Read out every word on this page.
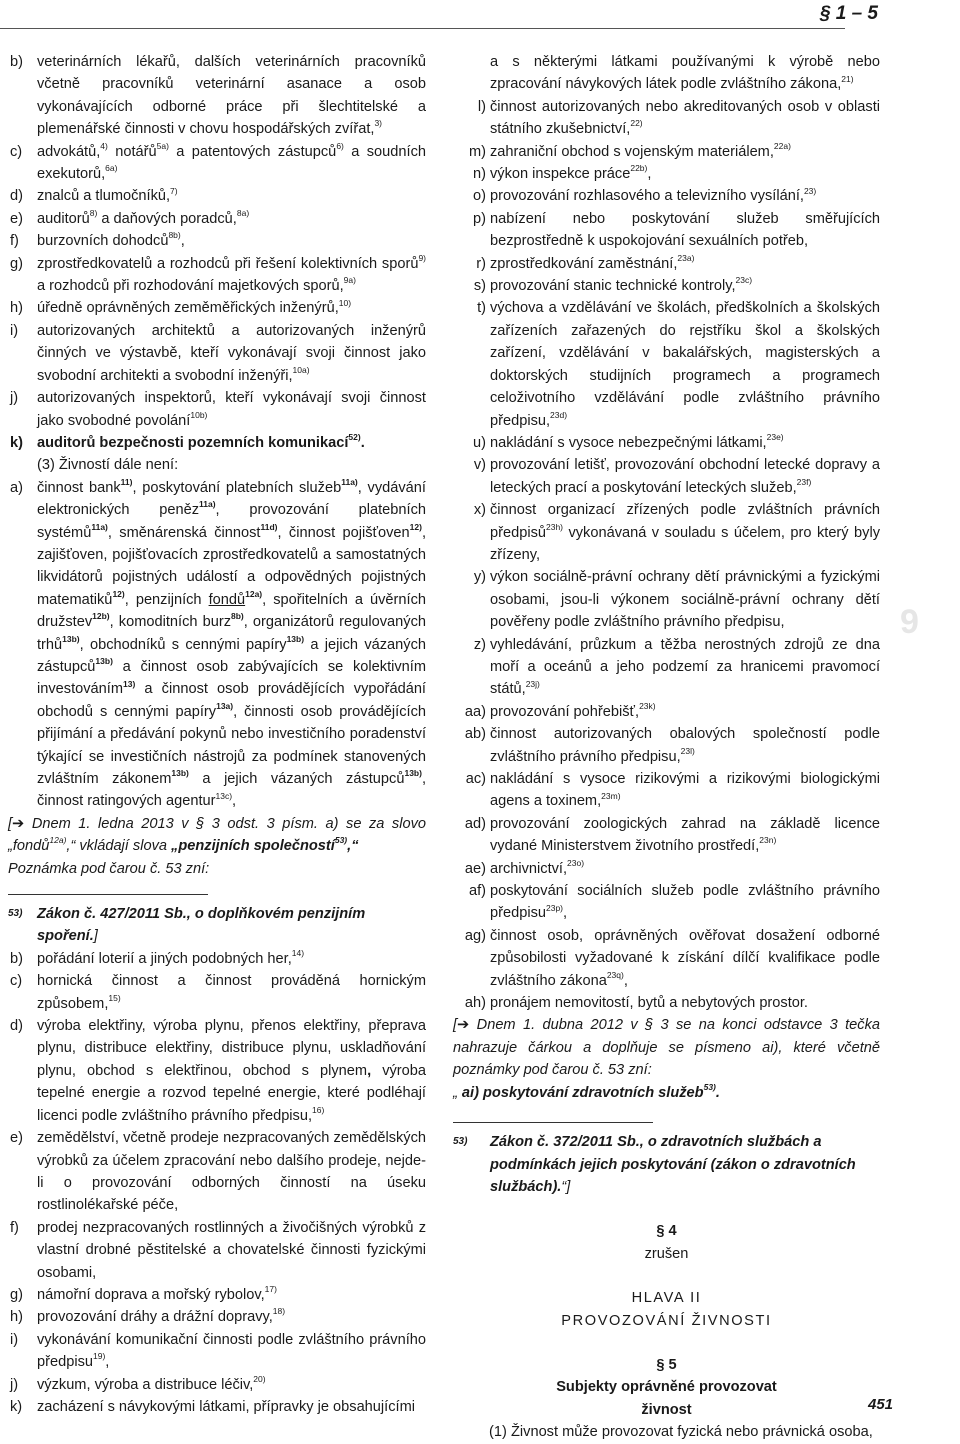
§ 1 – 5
b) veterinárních lékařů, dalších veterinárních pracovníků včetně pracovníků veterinární asanace a osob vykonávajících odborné práce při šlechtitelské a plemenářské činnosti v chovu hospodářských zvířat,$^{3)}$
c) advokátů,$^{4)}$ notářů$^{5a)}$ a patentových zástupců$^{6)}$ a soudních exekutorů,$^{6a)}$
d) znalců a tlumočníků,$^{7)}$
e) auditorů$^{8)}$ a daňových poradců,$^{8a)}$
f) burzovních dohodců$^{8b)}$,
g) zprostředkovatelů a rozhodců při řešení kolektivních sporů$^{9)}$ a rozhodců při rozhodování majetkových sporů,$^{9a)}$
h) úředně oprávněných zeměměřických inženýrů,$^{10)}$
i) autorizovaných architektů a autorizovaných inženýrů činných ve výstavbě, kteří vykonávají svoji činnost jako svobodní architekti a svobodní inženýři,$^{10a)}$
j) autorizovaných inspektorů, kteří vykonávají svoji činnost jako svobodné povolání$^{10b)}$
k) auditorů bezpečnosti pozemních komunikací$^{52)}$.
(3) Živností dále není:
a) činnost bank$^{11)}$, poskytování platebních služeb$^{11a)}$, vydávání elektronických peněz$^{11a)}$, provozování platebních systémů$^{11a)}$, směnárenská činnost$^{11d)}$, činnost pojišťoven$^{12)}$, zajišťoven, pojišťovacích zprostředkovatelů a samostatných likvidátorů pojistných událostí a odpovědných pojistných matematiků$^{12)}$, penzijních fondů$^{12a)}$, spořitelních a úvěrních družstev$^{12b)}$, komoditních burz$^{8b)}$, organizátorů regulovaných trhů$^{13b)}$, obchodníků s cennými papíry$^{13b)}$ a jejich vázaných zástupců$^{13b)}$ a činnost osob zabývajících se kolektivním investováním$^{13)}$ a činnost osob provádějících vypořádání obchodů s cennými papíry$^{13a)}$, činnosti osob provádějících přijímání a předávání pokynů nebo investičního poradenství týkající se investičních nástrojů za podmínek stanovených zvláštním zákonem$^{13b)}$ a jejich vázaných zástupců$^{13b)}$, činnost ratingových agentur$^{13c)}$,
[➔ Dnem 1. ledna 2013 v § 3 odst. 3 písm. a) se za slovo „fondů$^{12a)}$,“ vkládají slova „penzijních společností$^{53)}$,“
Poznámka pod čarou č. 53 zní:
53) Zákon č. 427/2011 Sb., o doplňkovém penzijním spoření.]
b) pořádání loterií a jiných podobných her,$^{14)}$
c) hornická činnost a činnost prováděná hornickým způsobem,$^{15)}$
d) výroba elektřiny, výroba plynu, přenos elektřiny, přeprava plynu, distribuce elektřiny, distribuce plynu, uskladňování plynu, obchod s elektřinou, obchod s plynem, výroba tepelné energie a rozvod tepelné energie, které podléhají licenci podle zvláštního právního předpisu,$^{16)}$
e) zemědělství, včetně prodeje nezpracovaných zemědělských výrobků za účelem zpracování nebo dalšího prodeje, nejde-li o provozování odborných činností na úseku rostlinolékařské péče,
f) prodej nezpracovaných rostlinných a živočišných výrobků z vlastní drobné pěstitelské a chovatelské činnosti fyzickými osobami,
g) námořní doprava a mořský rybolov,$^{17)}$
h) provozování dráhy a drážní dopravy,$^{18)}$
i) vykonávání komunikační činnosti podle zvláštního právního předpisu$^{19)}$,
j) výzkum, výroba a distribuce léčiv,$^{20)}$
k) zacházení s návykovými látkami, přípravky je obsahujícími
a s některými látkami používanými k výrobě nebo zpracování návykových látek podle zvláštního zákona,$^{21)}$
l) činnost autorizovaných nebo akreditovaných osob v oblasti státního zkušebnictví,$^{22)}$
m) zahraniční obchod s vojenským materiálem,$^{22a)}$
n) výkon inspekce práce$^{22b)}$,
o) provozování rozhlasového a televizního vysílání,$^{23)}$
p) nabízení nebo poskytování služeb směřujících bezprostředně k uspokojování sexuálních potřeb,
r) zprostředkování zaměstnání,$^{23a)}$
s) provozování stanic technické kontroly,$^{23c)}$
t) výchova a vzdělávání ve školách, předškolních a školských zařízeních zařazených do rejstříku škol a školských zařízení, vzdělávání v bakalářských, magisterských a doktorských studijních programech a programech celoživotního vzdělávání podle zvláštního právního předpisu,$^{23d)}$
u) nakládání s vysoce nebezpečnými látkami,$^{23e)}$
v) provozování letišť, provozování obchodní letecké dopravy a leteckých prací a poskytování leteckých služeb,$^{23f)}$
x) činnost organizací zřízených podle zvláštních právních předpisů$^{23h)}$ vykonávaná v souladu s účelem, pro který byly zřízeny,
y) výkon sociálně-právní ochrany dětí právnickými a fyzickými osobami, jsou-li výkonem sociálně-právní ochrany dětí pověřeny podle zvláštního právního předpisu,
z) vyhledávání, průzkum a těžba nerostných zdrojů ze dna moří a oceánů a jeho podzemí za hranicemi pravomocí států,$^{23j)}$
aa) provozování pohřebišť,$^{23k)}$
ab) činnost autorizovaných obalových společností podle zvláštního právního předpisu,$^{23l)}$
ac) nakládání s vysoce rizikovými a rizikovými biologickými agens a toxinem,$^{23m)}$
ad) provozování zoologických zahrad na základě licence vydané Ministerstvem životního prostředí,$^{23n)}$
ae) archivnictví,$^{23o)}$
af) poskytování sociálních služeb podle zvláštního právního předpisu$^{23p)}$,
ag) činnost osob, oprávněných ověřovat dosažení odborné způsobilosti vyžadované k získání dílčí kvalifikace podle zvláštního zákona$^{23q)}$,
ah) pronájem nemovitostí, bytů a nebytových prostor.
[➔ Dnem 1. dubna 2012 v § 3 se na konci odstavce 3 tečka nahrazuje čárkou a doplňuje se písmeno ai), které včetně poznámky pod čarou č. 53 zní:
„ ai) poskytování zdravotních služeb$^{53)}$.
53) Zákon č. 372/2011 Sb., o zdravotních službách a podmínkách jejich poskytování (zákon o zdravotních službách).“]
§ 4
zrušen
HLAVA II
PROVOZOVÁNÍ ŽIVNOSTI
§ 5
Subjekty oprávněné provozovat
živnost
(1) Živnost může provozovat fyzická nebo právnická osoba,
9
451
